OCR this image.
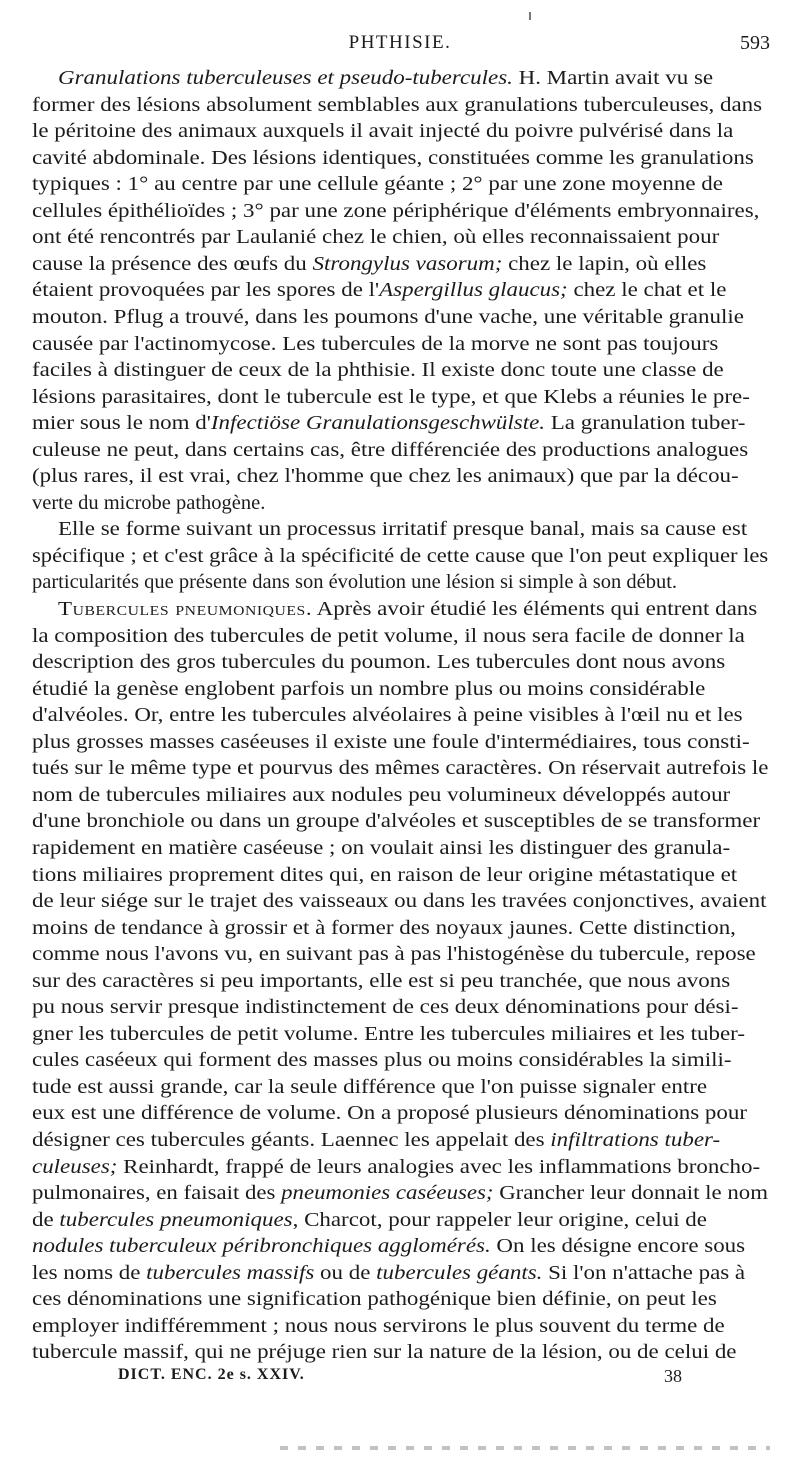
PHTHISIE.	593
Granulations tuberculeuses et pseudo-tubercules. H. Martin avait vu se
former des lésions absolument semblables aux granulations tuberculeuses, dans
le péritoine des animaux auxquels il avait injecté du poivre pulvérisé dans la
cavité abdominale. Des lésions identiques, constituées comme les granulations
typiques : 1° au centre par une cellule géante ; 2° par une zone moyenne de
cellules épithélioïdes ; 3° par une zone périphérique d'éléments embryonnaires,
ont été rencontrés par Laulanié chez le chien, où elles reconnaissaient pour
cause la présence des œufs du Strongylus vasorum; chez le lapin, où elles
étaient provoquées par les spores de l'Aspergillus glaucus; chez le chat et le
mouton. Pflug a trouvé, dans les poumons d'une vache, une véritable granulie
causée par l'actinomycose. Les tubercules de la morve ne sont pas toujours
faciles à distinguer de ceux de la phthisie. Il existe donc toute une classe de
lésions parasitaires, dont le tubercule est le type, et que Klebs a réunies le pre-
mier sous le nom d'Infectiöse Granulationsgeschwülste. La granulation tuber-
culeuse ne peut, dans certains cas, être différenciée des productions analogues
(plus rares, il est vrai, chez l'homme que chez les animaux) que par la décou-
verte du microbe pathogène.
Elle se forme suivant un processus irritatif presque banal, mais sa cause est
spécifique ; et c'est grâce à la spécificité de cette cause que l'on peut expliquer les
particularités que présente dans son évolution une lésion si simple à son début.
Tubercules pneumoniques. Après avoir étudié les éléments qui entrent dans
la composition des tubercules de petit volume, il nous sera facile de donner la
description des gros tubercules du poumon. Les tubercules dont nous avons
étudié la genèse englobent parfois un nombre plus ou moins considérable
d'alvéoles. Or, entre les tubercules alvéolaires à peine visibles à l'œil nu et les
plus grosses masses caséeuses il existe une foule d'intermédiaires, tous consti-
tués sur le même type et pourvus des mêmes caractères. On réservait autrefois le
nom de tubercules miliaires aux nodules peu volumineux développés autour
d'une bronchiole ou dans un groupe d'alvéoles et susceptibles de se transformer
rapidement en matière caséeuse ; on voulait ainsi les distinguer des granula-
tions miliaires proprement dites qui, en raison de leur origine métastatique et
de leur siége sur le trajet des vaisseaux ou dans les travées conjonctives, avaient
moins de tendance à grossir et à former des noyaux jaunes. Cette distinction,
comme nous l'avons vu, en suivant pas à pas l'histogénèse du tubercule, repose
sur des caractères si peu importants, elle est si peu tranchée, que nous avons
pu nous servir presque indistinctement de ces deux dénominations pour dési-
gner les tubercules de petit volume. Entre les tubercules miliaires et les tuber-
cules caséeux qui forment des masses plus ou moins considérables la simili-
tude est aussi grande, car la seule différence que l'on puisse signaler entre
eux est une différence de volume. On a proposé plusieurs dénominations pour
désigner ces tubercules géants. Laennec les appelait des infiltrations tuber-
culeuses; Reinhardt, frappé de leurs analogies avec les inflammations broncho-
pulmonaires, en faisait des pneumonies caséeuses; Grancher leur donnait le nom
de tubercules pneumoniques, Charcot, pour rappeler leur origine, celui de
nodules tuberculeux péribronchiques agglomérés. On les désigne encore sous
les noms de tubercules massifs ou de tubercules géants. Si l'on n'attache pas à
ces dénominations une signification pathogénique bien définie, on peut les
employer indifféremment ; nous nous servirons le plus souvent du terme de
tubercule massif, qui ne préjuge rien sur la nature de la lésion, ou de celui de
DICT. ENC. 2e s. XXIV.	38
